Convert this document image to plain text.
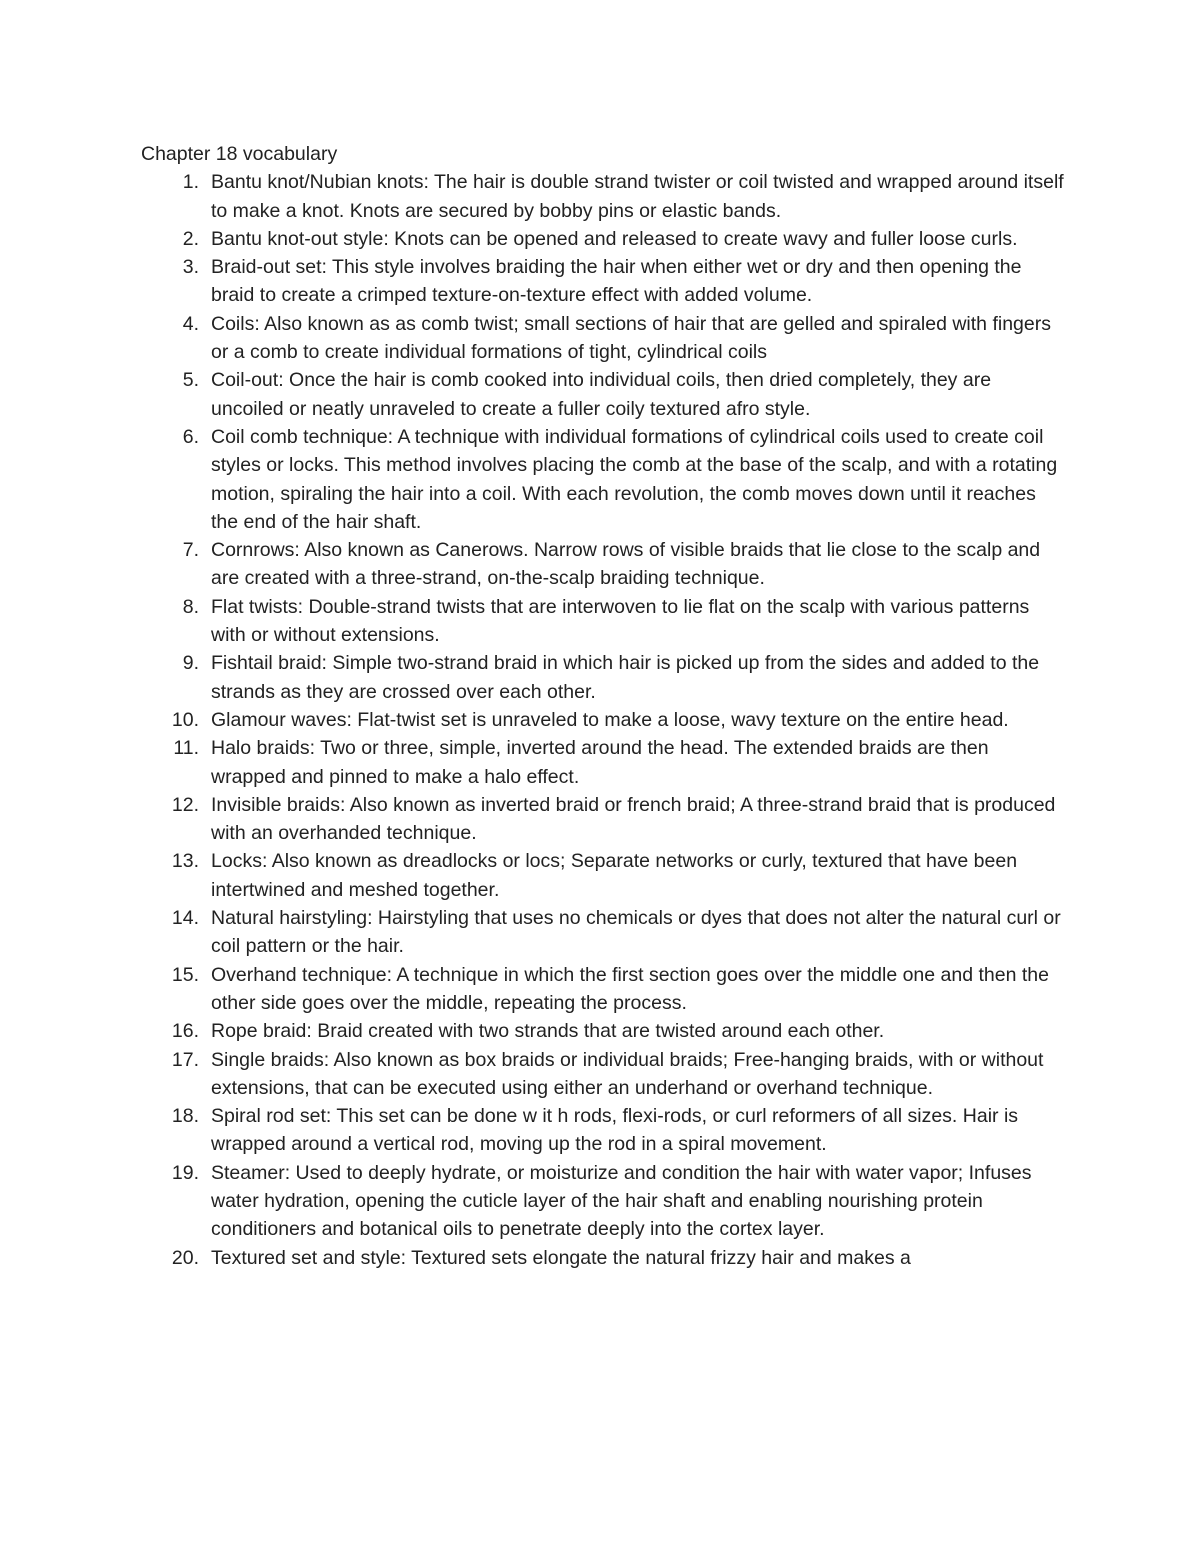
Chapter 18 vocabulary

1. Bantu knot/Nubian knots: The hair is double strand twister or coil twisted and wrapped around itself to make a knot. Knots are secured by bobby pins or elastic bands.
2. Bantu knot-out style: Knots can be opened and released to create wavy and fuller loose curls.
3. Braid-out set: This style involves braiding the hair when either wet or dry and then opening the braid to create a crimped texture-on-texture effect with added volume.
4. Coils: Also known as as comb twist; small sections of hair that are gelled and spiraled with fingers or a comb to create individual formations of tight, cylindrical coils
5. Coil-out: Once the hair is comb cooked into individual coils, then dried completely, they are uncoiled or neatly unraveled to create a fuller coily textured afro style.
6. Coil comb technique: A technique with individual formations of cylindrical coils used to create coil styles or locks. This method involves placing the comb at the base of the scalp, and with a rotating motion, spiraling the hair into a coil. With each revolution, the comb moves down until it reaches the end of the hair shaft.
7. Cornrows: Also known as Canerows. Narrow rows of visible braids that lie close to the scalp and are created with a three-strand, on-the-scalp braiding technique.
8. Flat twists: Double-strand twists that are interwoven to lie flat on the scalp with various patterns with or without extensions.
9. Fishtail braid: Simple two-strand braid in which hair is picked up from the sides and added to the strands as they are crossed over each other.
10. Glamour waves: Flat-twist set is unraveled to make a loose, wavy texture on the entire head.
11. Halo braids: Two or three, simple, inverted around the head. The extended braids are then wrapped and pinned to make a halo effect.
12. Invisible braids: Also known as inverted braid or french braid; A three-strand braid that is produced with an overhanded technique.
13. Locks: Also known as dreadlocks or locs; Separate networks or curly, textured that have been intertwined and meshed together.
14. Natural hairstyling: Hairstyling that uses no chemicals or dyes that does not alter the natural curl or coil pattern or the hair.
15. Overhand technique: A technique in which the first section goes over the middle one and then the other side goes over the middle, repeating the process.
16. Rope braid: Braid created with two strands that are twisted around each other.
17. Single braids: Also known as box braids or individual braids; Free-hanging braids, with or without extensions, that can be executed using either an underhand or overhand technique.
18. Spiral rod set: This set can be done w it h rods, flexi-rods, or curl reformers of all sizes. Hair is wrapped around a vertical rod, moving up the rod in a spiral movement.
19. Steamer: Used to deeply hydrate, or moisturize and condition the hair with water vapor; Infuses water hydration, opening the cuticle layer of the hair shaft and enabling nourishing protein conditioners and botanical oils to penetrate deeply into the cortex layer.
20. Textured set and style: Textured sets elongate the natural frizzy hair and makes a
